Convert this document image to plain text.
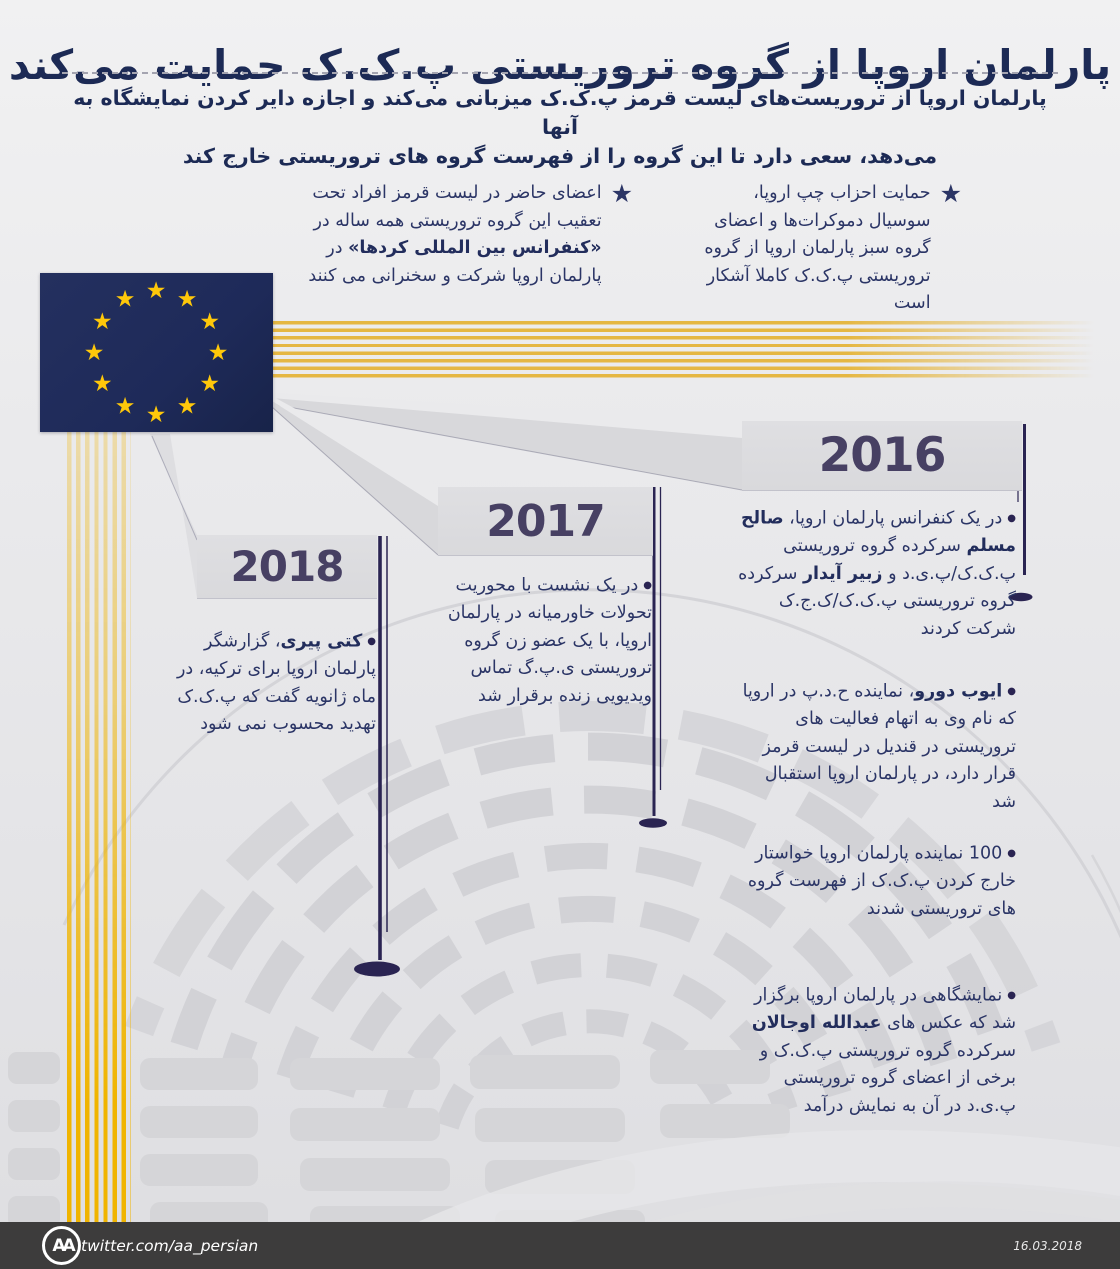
پارلمان اروپا از گروه تروریستی پ.ک.ک حمایت می‌کند
پارلمان اروپا از تروریست‌های لیست قرمز پ.ک.ک میزبانی می‌کند و اجازه دایر کردن نمایشگاه به آنها
می‌دهد، سعی دارد تا این گروه را از فهرست گروه های تروریستی خارج کند
★
حمایت احزاب چپ اروپا، سوسیال دموکرات‌ها و اعضای گروه سبز پارلمان اروپا از گروه تروریستی پ.ک.ک کاملا آشکار است
★
اعضای حاضر در لیست قرمز افراد تحت تعقیب این گروه تروریستی همه ساله در «کنفرانس بین المللی کردها» در پارلمان اروپا شرکت و سخنرانی می کنند
★ ★
★
★
★
★
★
★
★
★
★
★
2016
2017
2018

●در یک کنفرانس پارلمان اروپا، صالح مسلم سرکرده گروه تروریستی پ.ک.ک/پ.ی.د و زبیر آیدار سرکرده گروه تروریستی پ.ک.ک/ک.ج.ک شرکت کردند

●ایوب دورو، نماینده ح.د.پ در اروپا که نام وی به اتهام فعالیت های تروریستی در قندیل در لیست قرمز قرار دارد، در پارلمان اروپا استقبال شد

●100 نماینده پارلمان اروپا خواستار خارج کردن پ.ک.ک از فهرست گروه های تروریستی شدند

●نمایشگاهی در پارلمان اروپا برگزار شد که عکس های عبدالله اوجالان سرکرده گروه تروریستی پ.ک.ک و برخی از اعضای گروه تروریستی پ.ی.د در آن به نمایش درآمد

●در یک نشست با محوریت تحولات خاورمیانه در پارلمان اروپا، با یک عضو زن گروه تروریستی ی.پ.گ تماس ویدیویی زنده برقرار شد

●کتی پیری، گزارشگر پارلمان اروپا برای ترکیه، در ماه ژانویه گفت که پ.ک.ک تهدید محسوب نمی شود

AA twitter.com/aa_persian	16.03.2018
